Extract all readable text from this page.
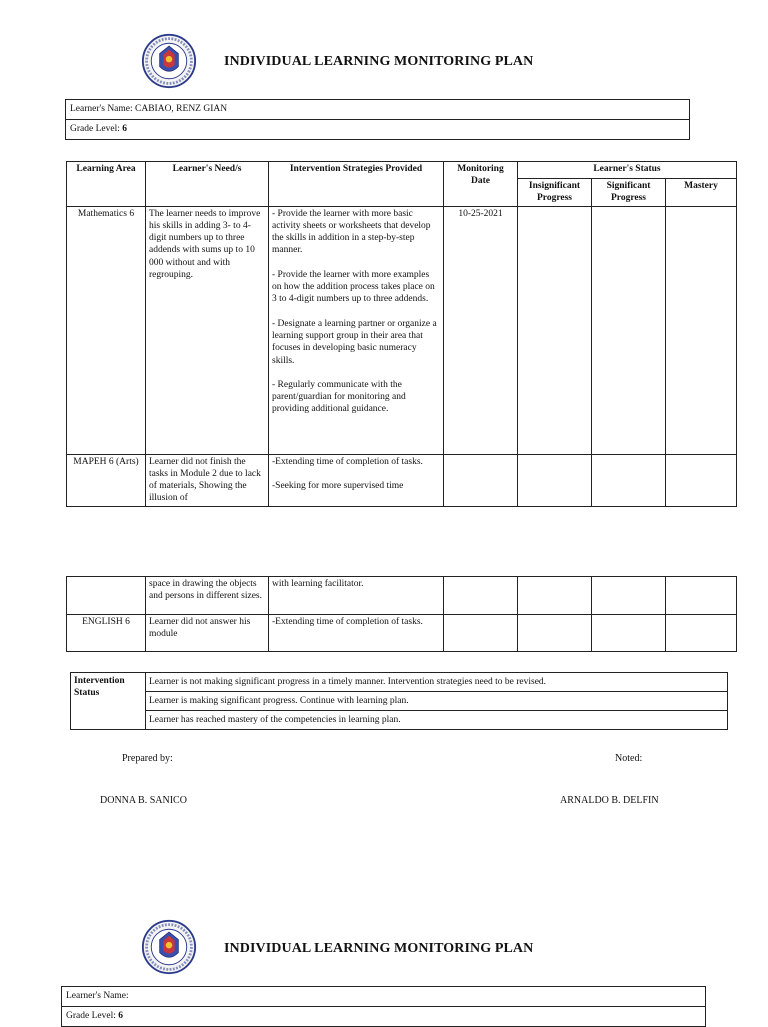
INDIVIDUAL LEARNING MONITORING PLAN
Learner's Name: CABIAO, RENZ GIAN
Grade Level: 6
Learning Area	Learner's Need/s	Intervention Strategies Provided	Monitoring Date	Learner's Status		
				Insignificant Progress	Significant Progress	Mastery
Mathematics 6	The learner needs to improve his skills in adding 3- to 4-digit numbers up to three addends with sums up to 10 000 without and with regrouping.	- Provide the learner with more basic activity sheets or worksheets that develop the skills in addition in a step-by-step manner.

- Provide the learner with more examples on how the addition process takes place on 3 to 4-digit numbers up to three addends.

- Designate a learning partner or organize a learning support group in their area that focuses in developing basic numeracy skills.

- Regularly communicate with the parent/guardian for monitoring and providing additional guidance.	10-25-2021			
MAPEH 6 (Arts)	Learner did not finish the tasks in Module 2 due to lack of materials, Showing the illusion of	-Extending time of completion of tasks.

-Seeking for more supervised time				

	space in drawing the objects and persons in different sizes.	with learning facilitator.				
ENGLISH 6	Learner did not answer his module	-Extending time of completion of tasks.				
Intervention Status	Learner is not making significant progress in a timely manner. Intervention strategies need to be revised.
Learner is making significant progress. Continue with learning plan.
Learner has reached mastery of the competencies in learning plan.
Prepared by:	Noted:
DONNA B. SANICO	ARNALDO B. DELFIN
INDIVIDUAL LEARNING MONITORING PLAN
Learner's Name:
Grade Level: 6
